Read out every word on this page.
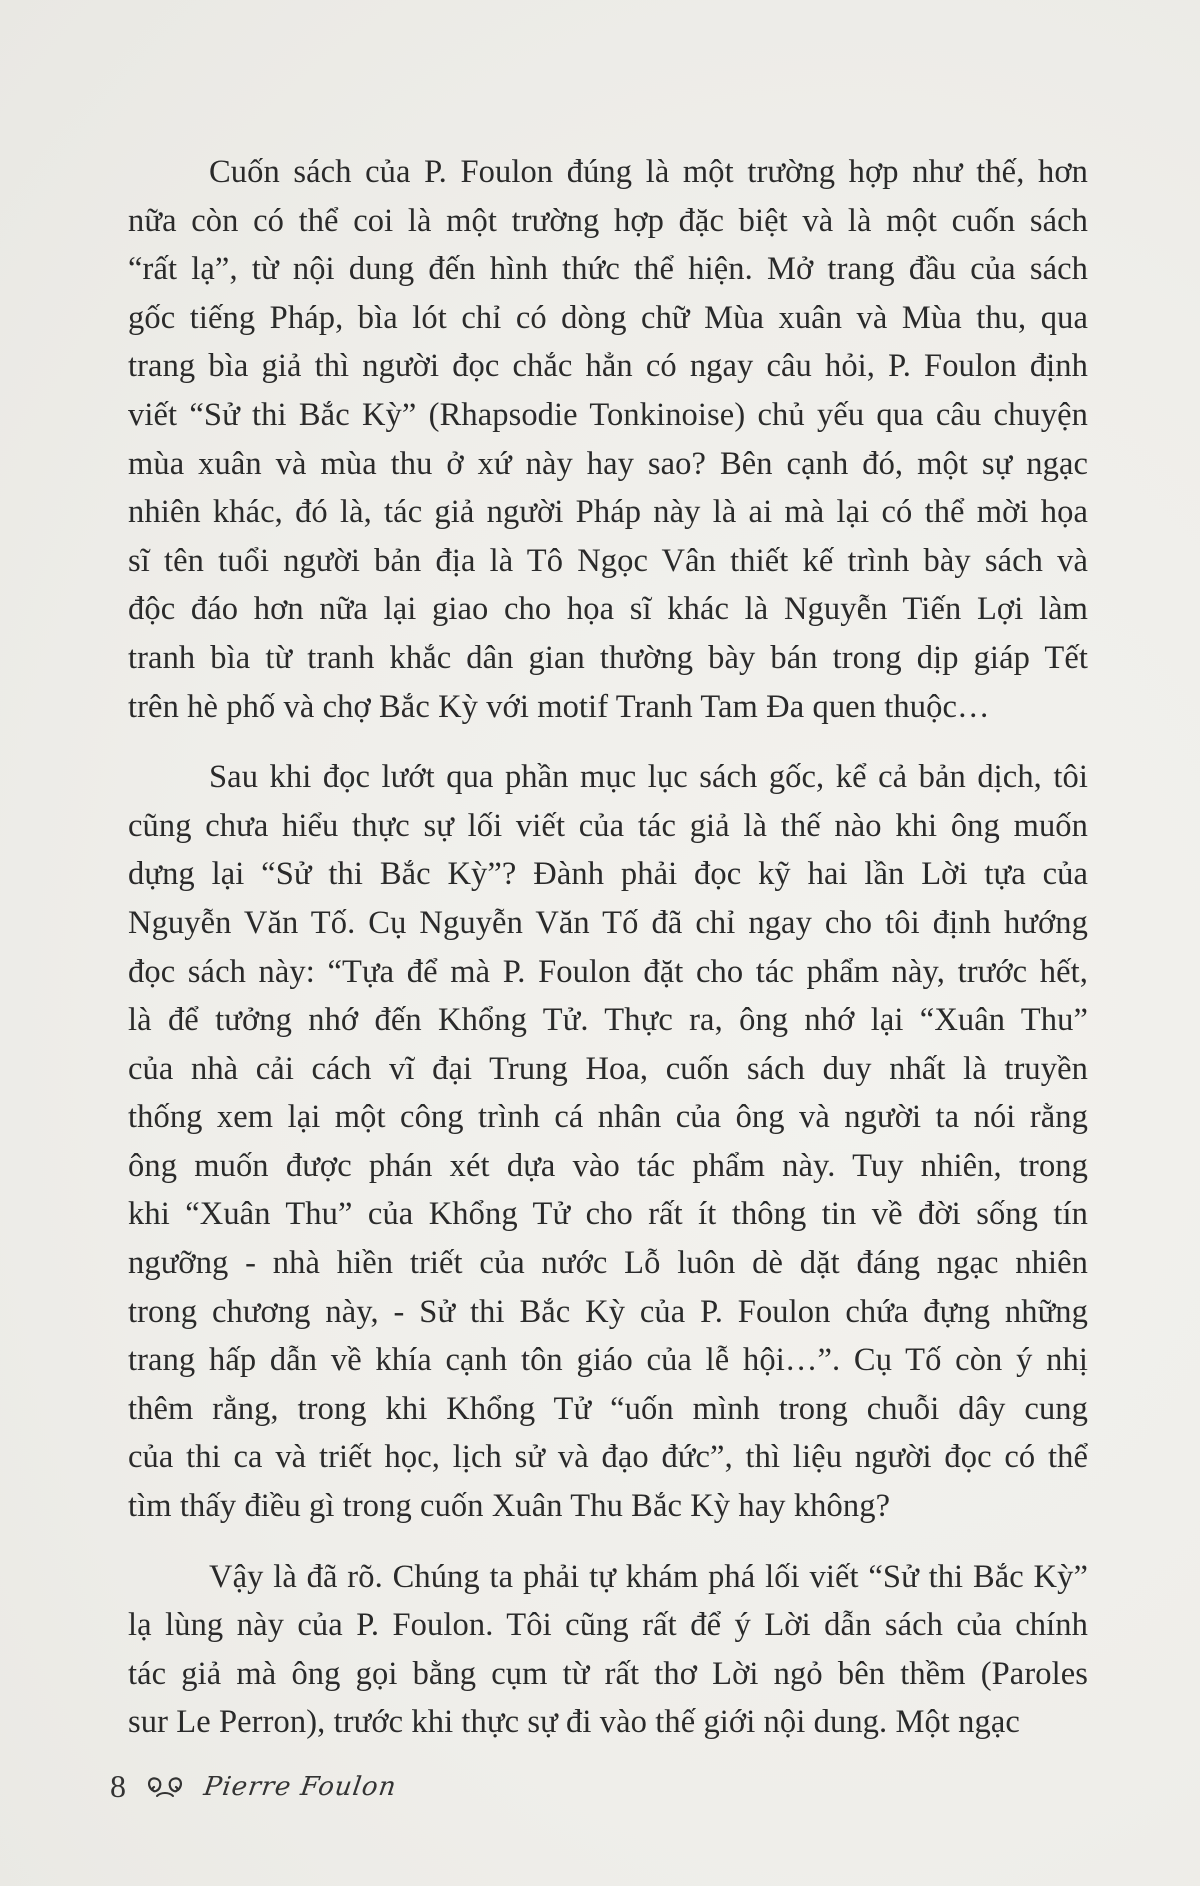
Cuốn sách của P. Foulon đúng là một trường hợp như thế, hơn
nữa còn có thể coi là một trường hợp đặc biệt và là một cuốn sách
“rất lạ”, từ nội dung đến hình thức thể hiện. Mở trang đầu của sách
gốc tiếng Pháp, bìa lót chỉ có dòng chữ Mùa xuân và Mùa thu, qua
trang bìa giả thì người đọc chắc hẳn có ngay câu hỏi, P. Foulon định
viết “Sử thi Bắc Kỳ” (Rhapsodie Tonkinoise) chủ yếu qua câu chuyện
mùa xuân và mùa thu ở xứ này hay sao? Bên cạnh đó, một sự ngạc
nhiên khác, đó là, tác giả người Pháp này là ai mà lại có thể mời họa
sĩ tên tuổi người bản địa là Tô Ngọc Vân thiết kế trình bày sách và
độc đáo hơn nữa lại giao cho họa sĩ khác là Nguyễn Tiến Lợi làm
tranh bìa từ tranh khắc dân gian thường bày bán trong dịp giáp Tết
trên hè phố và chợ Bắc Kỳ với motif Tranh Tam Đa quen thuộc…

Sau khi đọc lướt qua phần mục lục sách gốc, kể cả bản dịch, tôi
cũng chưa hiểu thực sự lối viết của tác giả là thế nào khi ông muốn
dựng lại “Sử thi Bắc Kỳ”? Đành phải đọc kỹ hai lần Lời tựa của
Nguyễn Văn Tố. Cụ Nguyễn Văn Tố đã chỉ ngay cho tôi định hướng
đọc sách này: “Tựa để mà P. Foulon đặt cho tác phẩm này, trước hết,
là để tưởng nhớ đến Khổng Tử. Thực ra, ông nhớ lại “Xuân Thu”
của nhà cải cách vĩ đại Trung Hoa, cuốn sách duy nhất là truyền
thống xem lại một công trình cá nhân của ông và người ta nói rằng
ông muốn được phán xét dựa vào tác phẩm này. Tuy nhiên, trong
khi “Xuân Thu” của Khổng Tử cho rất ít thông tin về đời sống tín
ngưỡng - nhà hiền triết của nước Lỗ luôn dè dặt đáng ngạc nhiên
trong chương này, - Sử thi Bắc Kỳ của P. Foulon chứa đựng những
trang hấp dẫn về khía cạnh tôn giáo của lễ hội…”. Cụ Tố còn ý nhị
thêm rằng, trong khi Khổng Tử “uốn mình trong chuỗi dây cung
của thi ca và triết học, lịch sử và đạo đức”, thì liệu người đọc có thể
tìm thấy điều gì trong cuốn Xuân Thu Bắc Kỳ hay không?

Vậy là đã rõ. Chúng ta phải tự khám phá lối viết “Sử thi Bắc Kỳ”
lạ lùng này của P. Foulon. Tôi cũng rất để ý Lời dẫn sách của chính
tác giả mà ông gọi bằng cụm từ rất thơ Lời ngỏ bên thềm (Paroles
sur Le Perron), trước khi thực sự đi vào thế giới nội dung. Một ngạc

8	Pierre Foulon
